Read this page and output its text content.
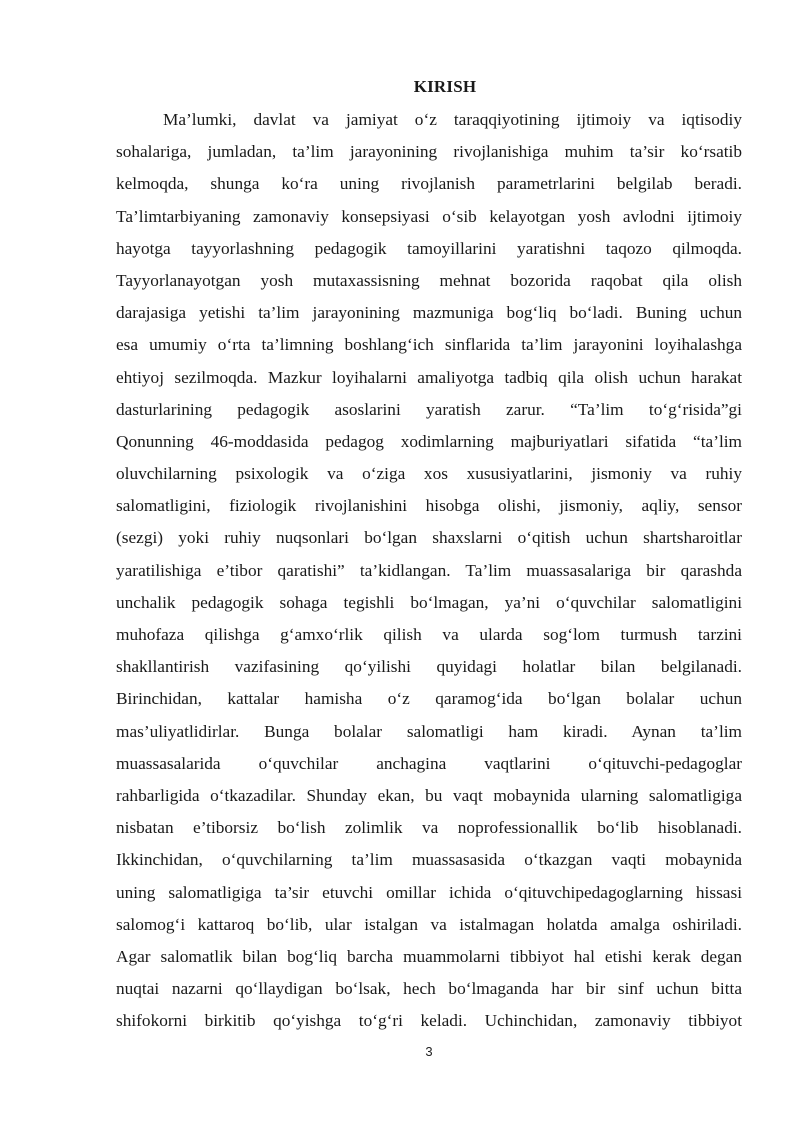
KIRISH
Ma’lumki, davlat va jamiyat o‘z taraqqiyotining ijtimoiy va iqtisodiy
sohalariga, jumladan, ta’lim jarayonining rivojlanishiga muhim ta’sir ko‘rsatib
kelmoqda, shunga ko‘ra uning rivojlanish parametrlarini belgilab beradi.
Ta’limtarbiyaning zamonaviy konsepsiyasi o‘sib kelayotgan yosh avlodni ijtimoiy
hayotga tayyorlashning pedagogik tamoyillarini yaratishni taqozo qilmoqda.
Tayyorlanayotgan yosh mutaxassisning mehnat bozorida raqobat qila olish
darajasiga yetishi ta’lim jarayonining mazmuniga bog‘liq bo‘ladi. Buning uchun
esa umumiy o‘rta ta’limning boshlang‘ich sinflarida ta’lim jarayonini loyihalashga
ehtiyoj sezilmoqda. Mazkur loyihalarni amaliyotga tadbiq qila olish uchun harakat
dasturlarining pedagogik asoslarini yaratish zarur. “Ta’lim to‘g‘risida”gi
Qonunning 46-moddasida pedagog xodimlarning majburiyatlari sifatida “ta’lim
oluvchilarning psixologik va o‘ziga xos xususiyatlarini, jismoniy va ruhiy
salomatligini, fiziologik rivojlanishini hisobga olishi, jismoniy, aqliy, sensor
(sezgi) yoki ruhiy nuqsonlari bo‘lgan shaxslarni o‘qitish uchun shartsharoitlar
yaratilishiga e’tibor qaratishi” ta’kidlangan. Ta’lim muassasalariga bir qarashda
unchalik pedagogik sohaga tegishli bo‘lmagan, ya’ni o‘quvchilar salomatligini
muhofaza qilishga g‘amxo‘rlik qilish va ularda sog‘lom turmush tarzini
shakllantirish vazifasining qo‘yilishi quyidagi holatlar bilan belgilanadi.
Birinchidan, kattalar hamisha o‘z qaramog‘ida bo‘lgan bolalar uchun
mas’uliyatlidirlar. Bunga bolalar salomatligi ham kiradi. Aynan ta’lim
muassasalarida o‘quvchilar anchagina vaqtlarini o‘qituvchi-pedagoglar
rahbarligida o‘tkazadilar. Shunday ekan, bu vaqt mobaynida ularning salomatligiga
nisbatan e’tiborsiz bo‘lish zolimlik va noprofessionallik bo‘lib hisoblanadi.
Ikkinchidan, o‘quvchilarning ta’lim muassasasida o‘tkazgan vaqti mobaynida
uning salomatligiga ta’sir etuvchi omillar ichida o‘qituvchipedagoglarning hissasi
salomog‘i kattaroq bo‘lib, ular istalgan va istalmagan holatda amalga oshiriladi.
Agar salomatlik bilan bog‘liq barcha muammolarni tibbiyot hal etishi kerak degan
nuqtai nazarni qo‘llaydigan bo‘lsak, hech bo‘lmaganda har bir sinf uchun bitta
shifokorni birkitib qo‘yishga to‘g‘ri keladi. Uchinchidan, zamonaviy tibbiyot
3
